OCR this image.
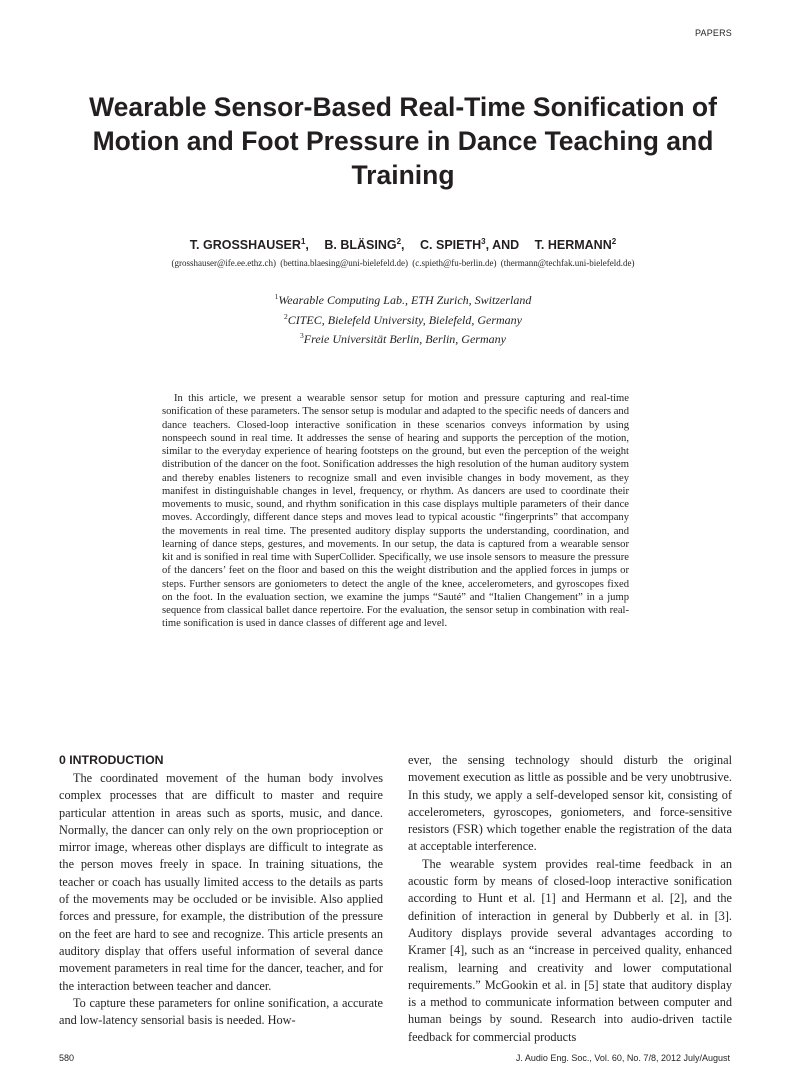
PAPERS
Wearable Sensor-Based Real-Time Sonification of Motion and Foot Pressure in Dance Teaching and Training
T. GROSSHAUSER$^1$, B. BLÄSING$^2$, C. SPIETH$^3$, AND T. HERMANN$^2$
(grosshauser@ife.ee.ethz.ch) (bettina.blaesing@uni-bielefeld.de) (c.spieth@fu-berlin.de) (thermann@techfak.uni-bielefeld.de)
$^1$Wearable Computing Lab., ETH Zurich, Switzerland
$^2$CITEC, Bielefeld University, Bielefeld, Germany
$^3$Freie Universität Berlin, Berlin, Germany

In this article, we present a wearable sensor setup for motion and pressure capturing and real-time sonification of these parameters. The sensor setup is modular and adapted to the specific needs of dancers and dance teachers. Closed-loop interactive sonification in these scenarios conveys information by using nonspeech sound in real time. It addresses the sense of hearing and supports the perception of the motion, similar to the everyday experience of hearing footsteps on the ground, but even the perception of the weight distribution of the dancer on the foot. Sonification addresses the high resolution of the human auditory system and thereby enables listeners to recognize small and even invisible changes in body movement, as they manifest in distinguishable changes in level, frequency, or rhythm. As dancers are used to coordinate their movements to music, sound, and rhythm sonification in this case displays multiple parameters of their dance moves. Accordingly, different dance steps and moves lead to typical acoustic “fingerprints” that accompany the movements in real time. The presented auditory display supports the understanding, coordination, and learning of dance steps, gestures, and movements. In our setup, the data is captured from a wearable sensor kit and is sonified in real time with SuperCollider. Specifically, we use insole sensors to measure the pressure of the dancers’ feet on the floor and based on this the weight distribution and the applied forces in jumps or steps. Further sensors are goniometers to detect the angle of the knee, accelerometers, and gyroscopes fixed on the foot. In the evaluation section, we examine the jumps “Sauté” and “Italien Changement” in a jump sequence from classical ballet dance repertoire. For the evaluation, the sensor setup in combination with real-time sonification is used in dance classes of different age and level.

0 INTRODUCTION

The coordinated movement of the human body involves complex processes that are difficult to master and require particular attention in areas such as sports, music, and dance. Normally, the dancer can only rely on the own proprioception or mirror image, whereas other displays are difficult to integrate as the person moves freely in space. In training situations, the teacher or coach has usually limited access to the details as parts of the movements may be occluded or be invisible. Also applied forces and pressure, for example, the distribution of the pressure on the feet are hard to see and recognize. This article presents an auditory display that offers useful information of several dance movement parameters in real time for the dancer, teacher, and for the interaction between teacher and dancer.

To capture these parameters for online sonification, a accurate and low-latency sensorial basis is needed. How-

ever, the sensing technology should disturb the original movement execution as little as possible and be very unobtrusive. In this study, we apply a self-developed sensor kit, consisting of accelerometers, gyroscopes, goniometers, and force-sensitive resistors (FSR) which together enable the registration of the data at acceptable interference.

The wearable system provides real-time feedback in an acoustic form by means of closed-loop interactive sonification according to Hunt et al. [1] and Hermann et al. [2], and the definition of interaction in general by Dubberly et al. in [3]. Auditory displays provide several advantages according to Kramer [4], such as an “increase in perceived quality, enhanced realism, learning and creativity and lower computational requirements.” McGookin et al. in [5] state that auditory display is a method to communicate information between computer and human beings by sound. Research into audio-driven tactile feedback for commercial products

580	J. Audio Eng. Soc., Vol. 60, No. 7/8, 2012 July/August
